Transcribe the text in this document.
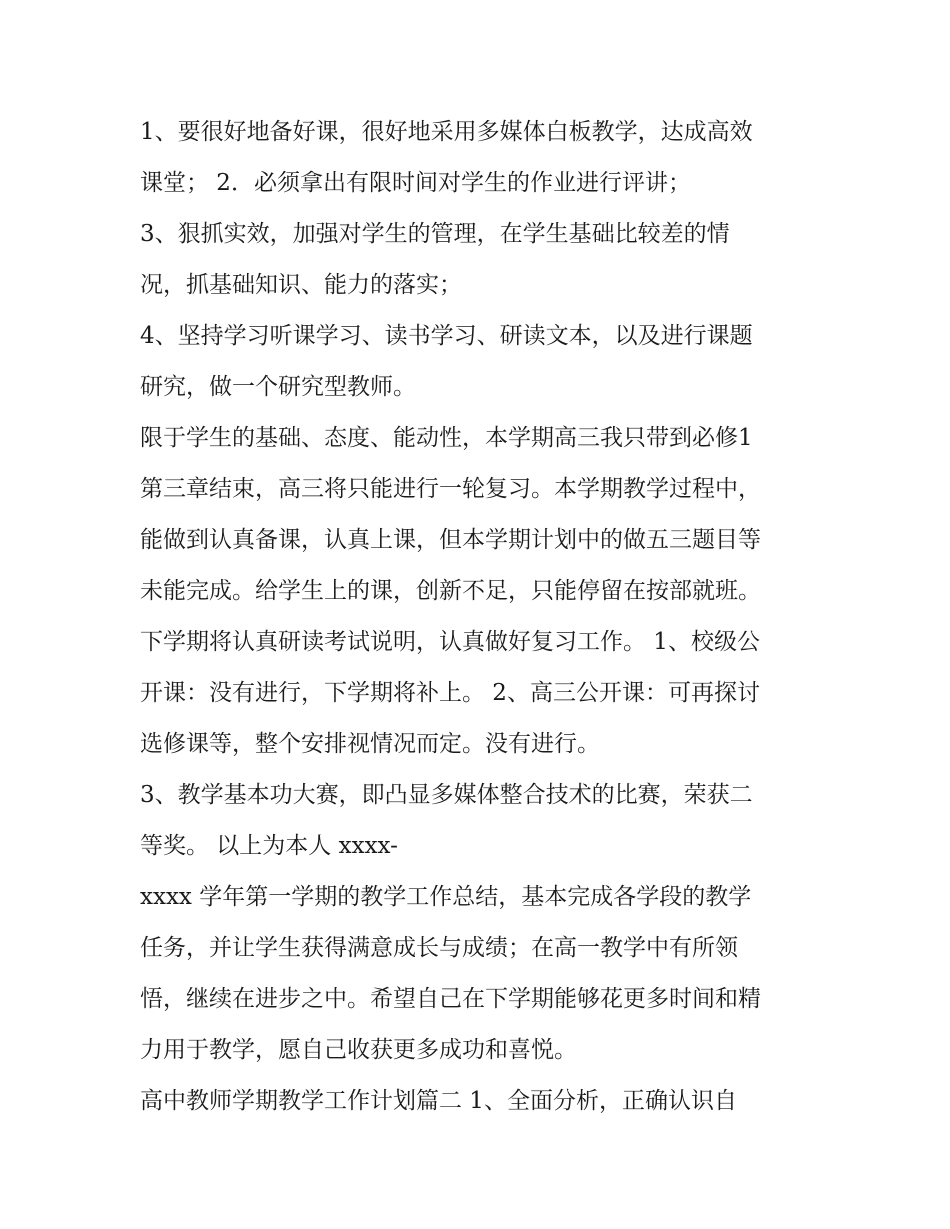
1、要很好地备好课，很好地采用多媒体白板教学，达成高效
课堂； 2．必须拿出有限时间对学生的作业进行评讲；
3、狠抓实效，加强对学生的管理，在学生基础比较差的情
况，抓基础知识、能力的落实；
4、坚持学习听课学习、读书学习、研读文本，以及进行课题
研究，做一个研究型教师。
限于学生的基础、态度、能动性，本学期高三我只带到必修1
第三章结束，高三将只能进行一轮复习。本学期教学过程中，
能做到认真备课，认真上课，但本学期计划中的做五三题目等
未能完成。给学生上的课，创新不足，只能停留在按部就班。
下学期将认真研读考试说明，认真做好复习工作。 1、校级公
开课：没有进行，下学期将补上。 2、高三公开课：可再探讨
选修课等，整个安排视情况而定。没有进行。
3、教学基本功大赛，即凸显多媒体整合技术的比赛，荣获二
等奖。 以上为本人 xxxx-
xxxx 学年第一学期的教学工作总结，基本完成各学段的教学
任务，并让学生获得满意成长与成绩；在高一教学中有所领
悟，继续在进步之中。希望自己在下学期能够花更多时间和精
力用于教学，愿自己收获更多成功和喜悦。
高中教师学期教学工作计划篇二 1、全面分析，正确认识自
